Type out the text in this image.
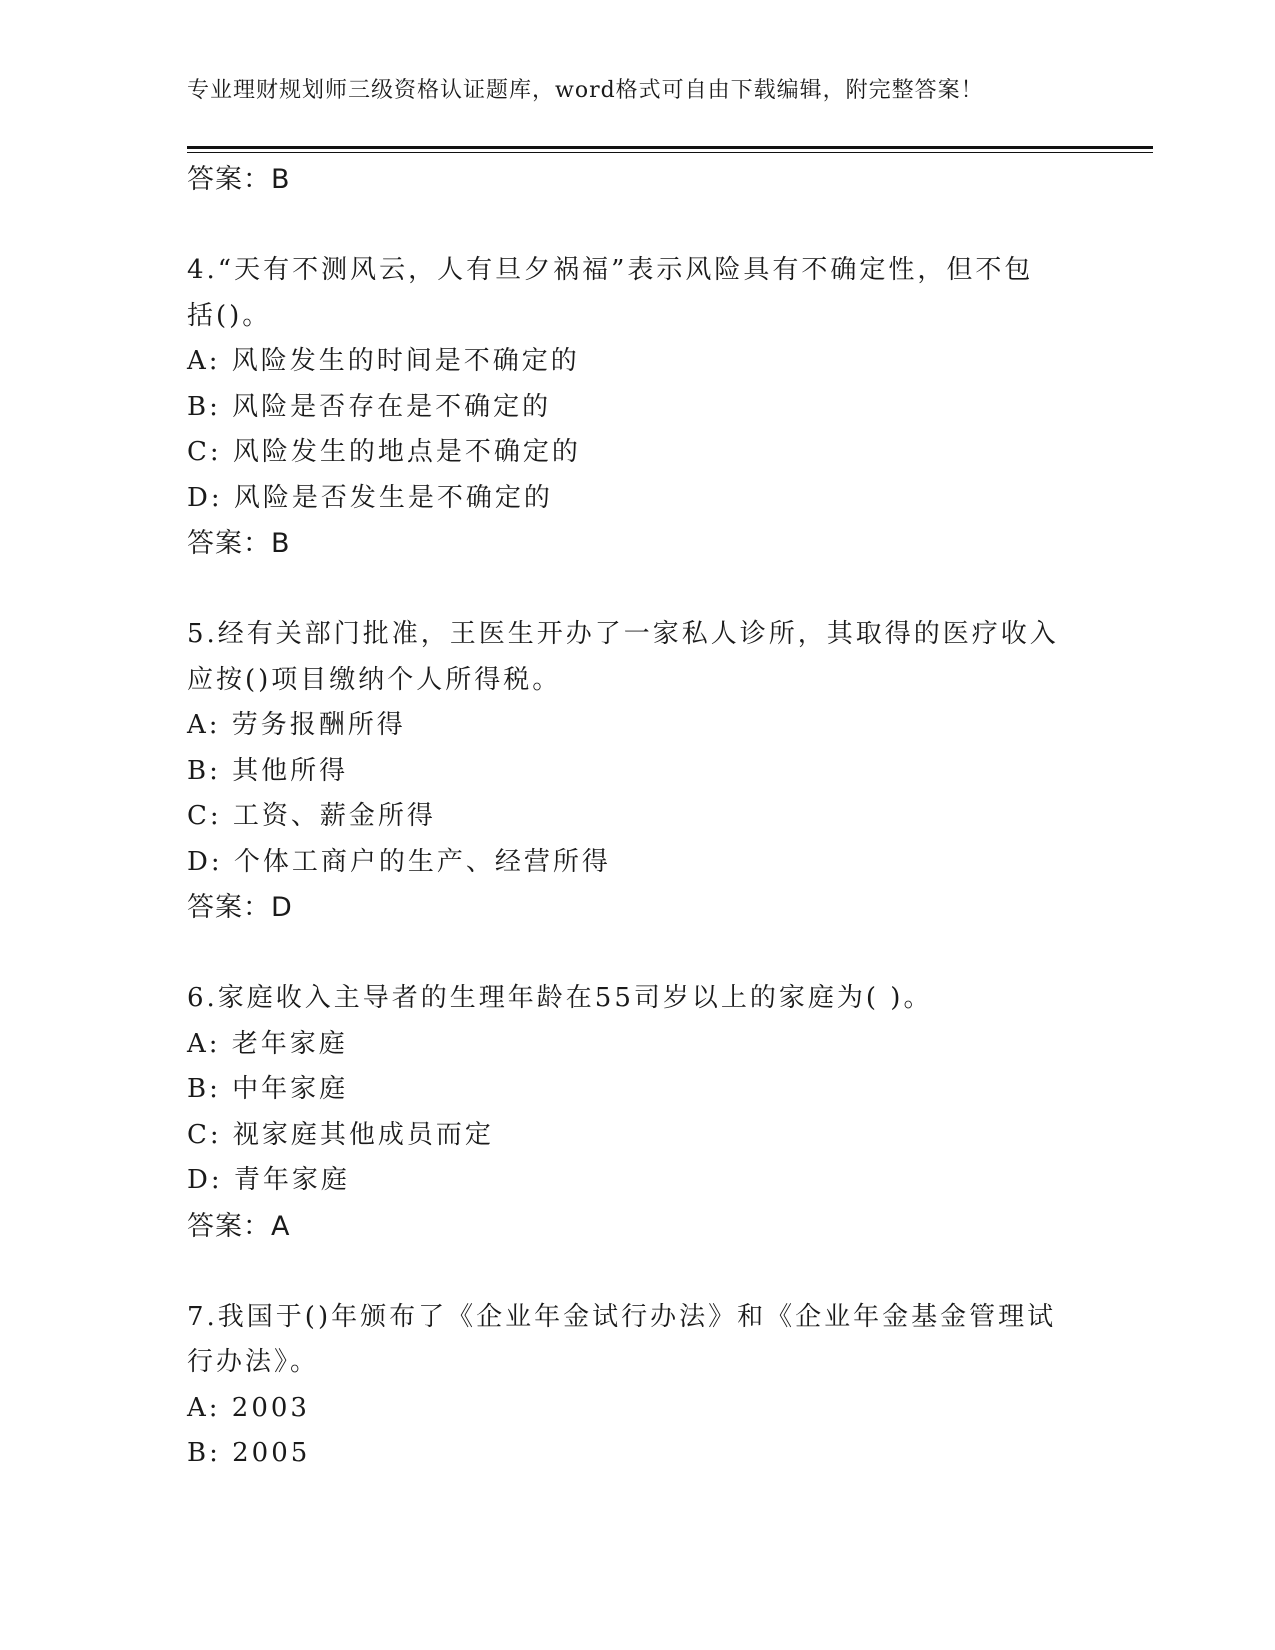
专业理财规划师三级资格认证题库，word格式可自由下载编辑，附完整答案！
答案：B
4.“天有不测风云，人有旦夕祸福”表示风险具有不确定性，但不包
括()。
A: 风险发生的时间是不确定的
B: 风险是否存在是不确定的
C: 风险发生的地点是不确定的
D: 风险是否发生是不确定的
答案：B
5.经有关部门批准，王医生开办了一家私人诊所，其取得的医疗收入
应按()项目缴纳个人所得税。
A: 劳务报酬所得
B: 其他所得
C: 工资、薪金所得
D: 个体工商户的生产、经营所得
答案：D
6.家庭收入主导者的生理年龄在55司岁以上的家庭为( )。
A: 老年家庭
B: 中年家庭
C: 视家庭其他成员而定
D: 青年家庭
答案：A
7.我国于()年颁布了《企业年金试行办法》和《企业年金基金管理试
行办法》。
A: 2003
B: 2005
